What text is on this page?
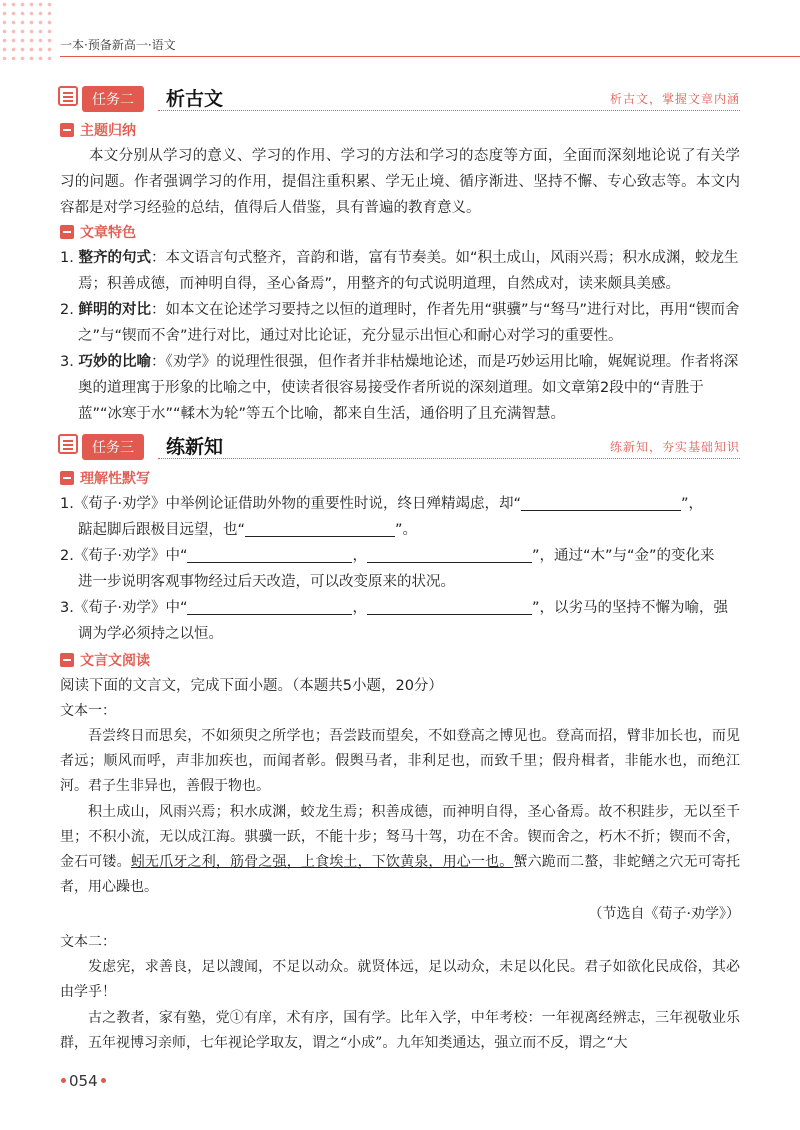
一本·预备新高一·语文
任务二	析古文	析古文，掌握文章内涵
主题归纳
本文分别从学习的意义、学习的作用、学习的方法和学习的态度等方面，全面而深刻地论说了有关学习的问题。作者强调学习的作用，提倡注重积累、学无止境、循序渐进、坚持不懈、专心致志等。本文内容都是对学习经验的总结，值得后人借鉴，具有普遍的教育意义。
文章特色
1. 整齐的句式：本文语言句式整齐，音韵和谐，富有节奏美。如“积土成山，风雨兴焉；积水成渊，蛟龙生焉；积善成德，而神明自得，圣心备焉”，用整齐的句式说明道理，自然成对，读来颇具美感。
2. 鲜明的对比：如本文在论述学习要持之以恒的道理时，作者先用“骐骥”与“驽马”进行对比，再用“锲而舍之”与“锲而不舍”进行对比，通过对比论证，充分显示出恒心和耐心对学习的重要性。
3. 巧妙的比喻：《劝学》的说理性很强，但作者并非枯燥地论述，而是巧妙运用比喻，娓娓说理。作者将深奥的道理寓于形象的比喻之中，使读者很容易接受作者所说的深刻道理。如文章第2段中的“青胜于蓝”“冰寒于水”“輮木为轮”等五个比喻，都来自生活，通俗明了且充满智慧。
任务三	练新知	练新知，夯实基础知识
理解性默写
1.《荀子·劝学》中举例论证借助外物的重要性时说，终日殚精竭虑，却“	”，
踮起脚后跟极目远望，也“	”。
2.《荀子·劝学》中“	，	”，通过“木”与“金”的变化来
进一步说明客观事物经过后天改造，可以改变原来的状况。
3.《荀子·劝学》中“	，	”，以劣马的坚持不懈为喻，强
调为学必须持之以恒。
文言文阅读
阅读下面的文言文，完成下面小题。（本题共5小题，20分）
文本一：
吾尝终日而思矣，不如须臾之所学也；吾尝跂而望矣，不如登高之博见也。登高而招，臂非加长也，而见者远；顺风而呼，声非加疾也，而闻者彰。假舆马者，非利足也，而致千里；假舟楫者，非能水也，而绝江河。君子生非异也，善假于物也。
积土成山，风雨兴焉；积水成渊，蛟龙生焉；积善成德，而神明自得，圣心备焉。故不积跬步，无以至千里；不积小流，无以成江海。骐骥一跃，不能十步；驽马十驾，功在不舍。锲而舍之，朽木不折；锲而不舍，金石可镂。蚓无爪牙之利，筋骨之强，上食埃土，下饮黄泉，用心一也。蟹六跪而二螯，非蛇鳝之穴无可寄托者，用心躁也。
（节选自《荀子·劝学》）
文本二：
发虑宪，求善良，足以謏闻，不足以动众。就贤体远，足以动众，未足以化民。君子如欲化民成俗，其必由学乎！
古之教者，家有塾，党①有庠，术有序，国有学。比年入学，中年考校：一年视离经辨志，三年视敬业乐群，五年视博习亲师，七年视论学取友，谓之“小成”。九年知类通达，强立而不反，谓之“大
054
